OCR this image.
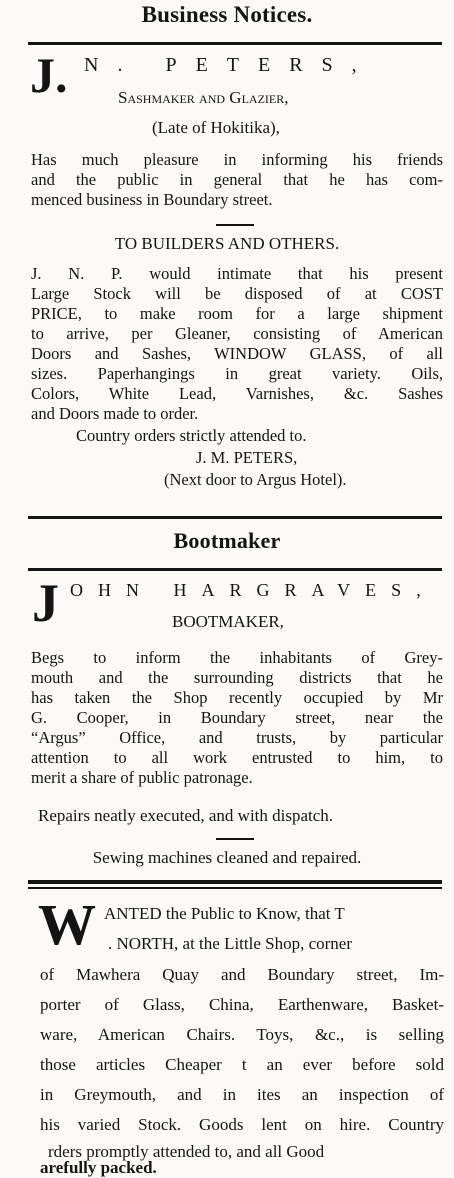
Business Notices.
J. N. PETERS,
Sashmaker and Glazier,
(Late of Hokitika),
Has much pleasure in informing his friends
and the public in general that he has com-
menced business in Boundary street.
TO BUILDERS AND OTHERS.
J. N. P. would intimate that his present
Large Stock will be disposed of at COST
PRICE, to make room for a large shipment
to arrive, per Gleaner, consisting of American
Doors and Sashes, WINDOW GLASS, of all
sizes. Paperhangings in great variety. Oils,
Colors, White Lead, Varnishes, &c. Sashes
and Doors made to order.
Country orders strictly attended to.
J. M. PETERS,
(Next door to Argus Hotel).
Bootmaker
J OHN HARGRAVES,
BOOTMAKER,
Begs to inform the inhabitants of Grey-
mouth and the surrounding districts that he
has taken the Shop recently occupied by Mr
G. Cooper, in Boundary street, near the
“Argus” Office, and trusts, by particular
attention to all work entrusted to him, to
merit a share of public patronage.
Repairs neatly executed, and with dispatch.
Sewing machines cleaned and repaired.
W ANTED the Public to Know, that T
. NORTH, at the Little Shop, corner
of Mawhera Quay and Boundary street, Im-
porter of Glass, China, Earthenware, Basket-
ware, American Chairs. Toys, &c., is selling
those articles Cheaper t an ever before sold
in Greymouth, and in ites an inspection of
his varied Stock. Goods lent on hire. Country
rders promptly attended to, and all Good
arefully packed.
